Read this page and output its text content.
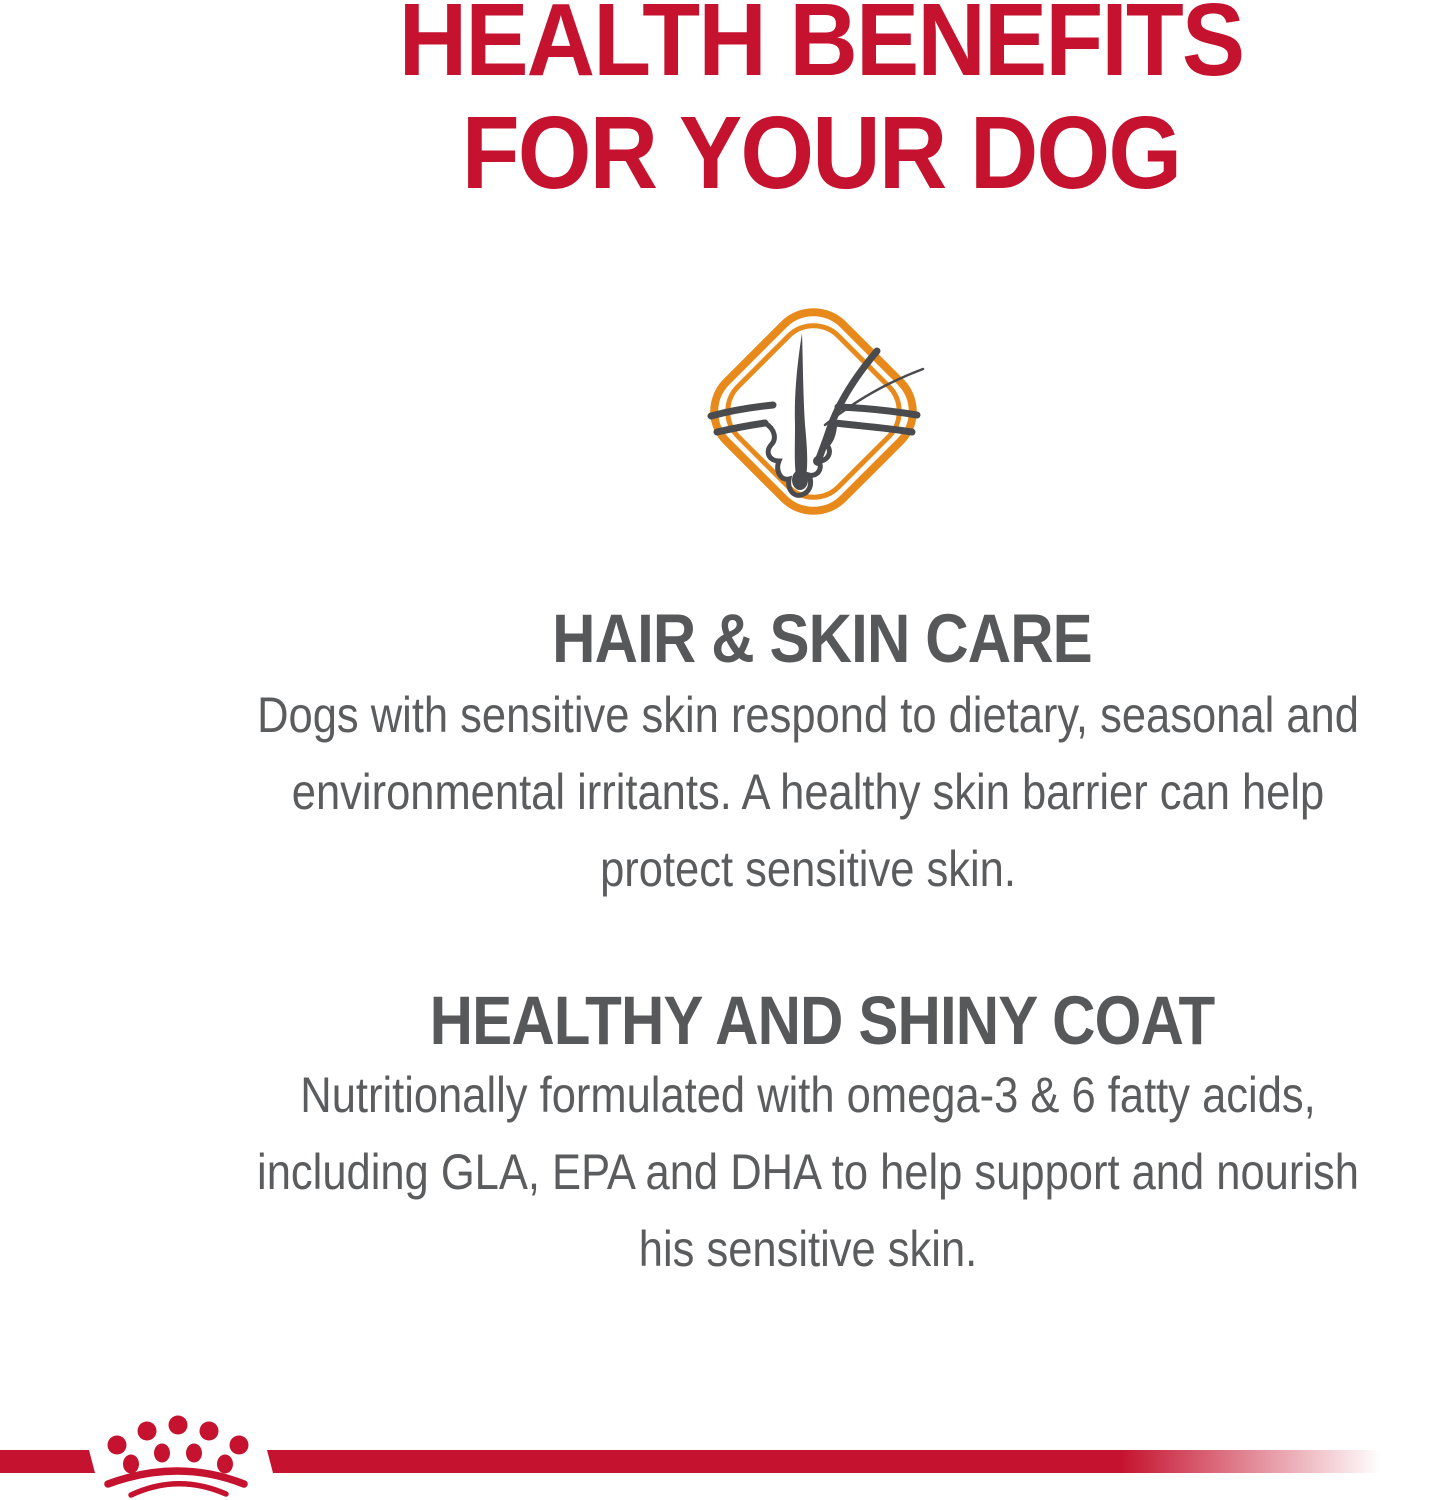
HEALTH BENEFITS
FOR YOUR DOG
HAIR & SKIN CARE
Dogs with sensitive skin respond to dietary, seasonal and
environmental irritants. A healthy skin barrier can help
protect sensitive skin.
HEALTHY AND SHINY COAT
Nutritionally formulated with omega-3 & 6 fatty acids,
including GLA, EPA and DHA to help support and nourish
his sensitive skin.
